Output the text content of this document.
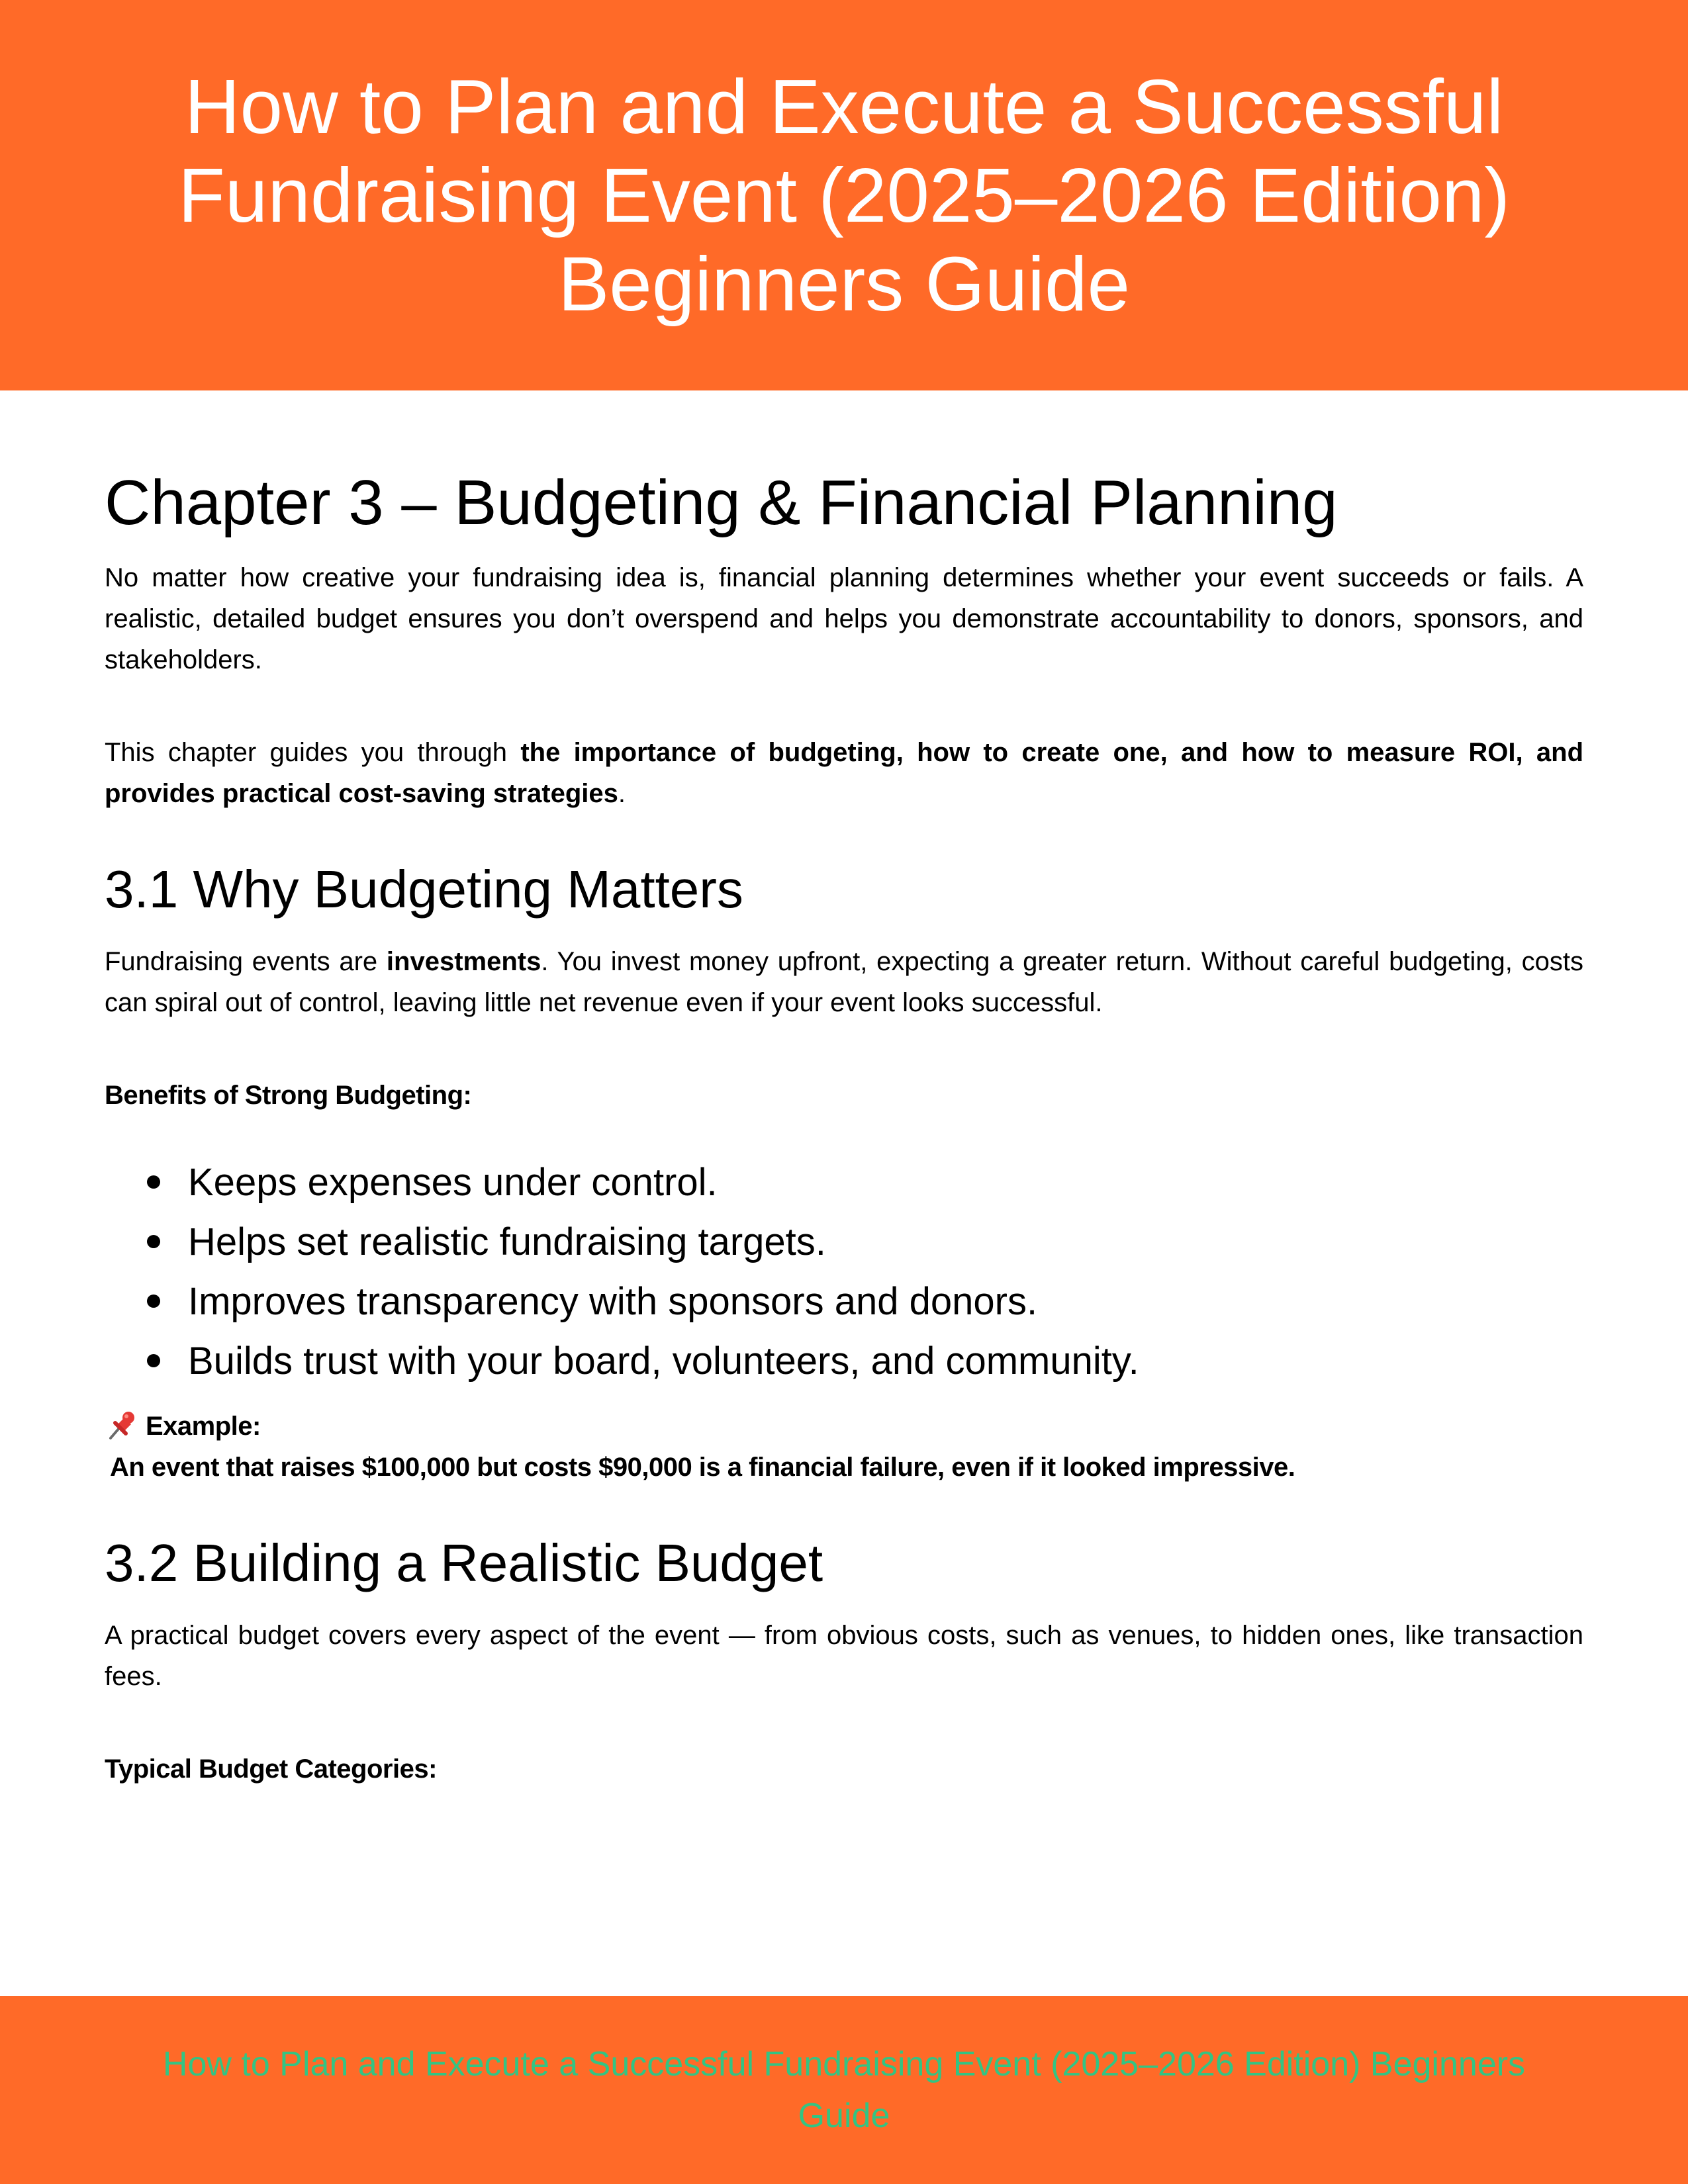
How to Plan and Execute a Successful
Fundraising Event (2025–2026 Edition)
Beginners Guide
Chapter 3 – Budgeting & Financial Planning

No matter how creative your fundraising idea is, financial planning determines whether your event succeeds or fails. A realistic, detailed budget ensures you don’t overspend and helps you demonstrate accountability to donors, sponsors, and stakeholders.

This chapter guides you through the importance of budgeting, how to create one, and how to measure ROI, and provides practical cost-saving strategies.

3.1 Why Budgeting Matters

Fundraising events are investments. You invest money upfront, expecting a greater return. Without careful budgeting, costs can spiral out of control, leaving little net revenue even if your event looks successful.

Benefits of Strong Budgeting:

Keeps expenses under control.
Helps set realistic fundraising targets.
Improves transparency with sponsors and donors.
Builds trust with your board, volunteers, and community.

Example:

An event that raises $100,000 but costs $90,000 is a financial failure, even if it looked impressive.

3.2 Building a Realistic Budget

A practical budget covers every aspect of the event — from obvious costs, such as venues, to hidden ones, like transaction fees.

Typical Budget Categories:

How to Plan and Execute a Successful Fundraising Event (2025–2026 Edition) Beginners Guide
